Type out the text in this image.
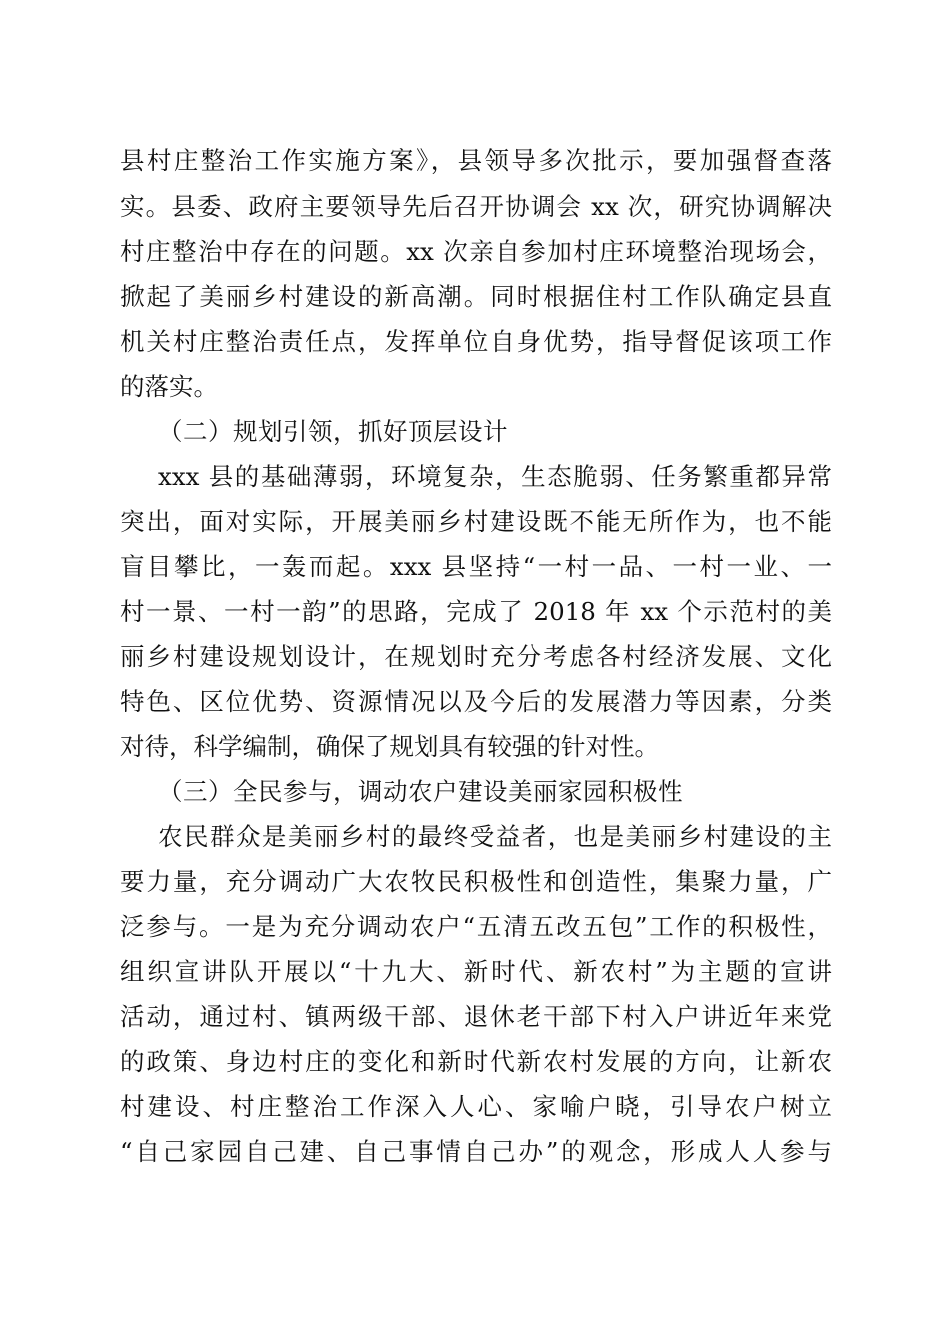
县村庄整治工作实施方案》，县领导多次批示，要加强督查落
实。县委、政府主要领导先后召开协调会 xx 次，研究协调解决
村庄整治中存在的问题。xx 次亲自参加村庄环境整治现场会，
掀起了美丽乡村建设的新高潮。同时根据住村工作队确定县直
机关村庄整治责任点，发挥单位自身优势，指导督促该项工作
的落实。
（二）规划引领，抓好顶层设计
xxx 县的基础薄弱，环境复杂，生态脆弱、任务繁重都异常
突出，面对实际，开展美丽乡村建设既不能无所作为，也不能
盲目攀比，一轰而起。xxx 县坚持“一村一品、一村一业、一
村一景、一村一韵”的思路，完成了 2018 年 xx 个示范村的美
丽乡村建设规划设计，在规划时充分考虑各村经济发展、文化
特色、区位优势、资源情况以及今后的发展潜力等因素，分类
对待，科学编制，确保了规划具有较强的针对性。
（三）全民参与，调动农户建设美丽家园积极性
农民群众是美丽乡村的最终受益者，也是美丽乡村建设的主
要力量，充分调动广大农牧民积极性和创造性，集聚力量，广
泛参与。一是为充分调动农户“五清五改五包”工作的积极性，
组织宣讲队开展以“十九大、新时代、新农村”为主题的宣讲
活动，通过村、镇两级干部、退休老干部下村入户讲近年来党
的政策、身边村庄的变化和新时代新农村发展的方向，让新农
村建设、村庄整治工作深入人心、家喻户晓，引导农户树立
“自己家园自己建、自己事情自己办”的观念，形成人人参与
